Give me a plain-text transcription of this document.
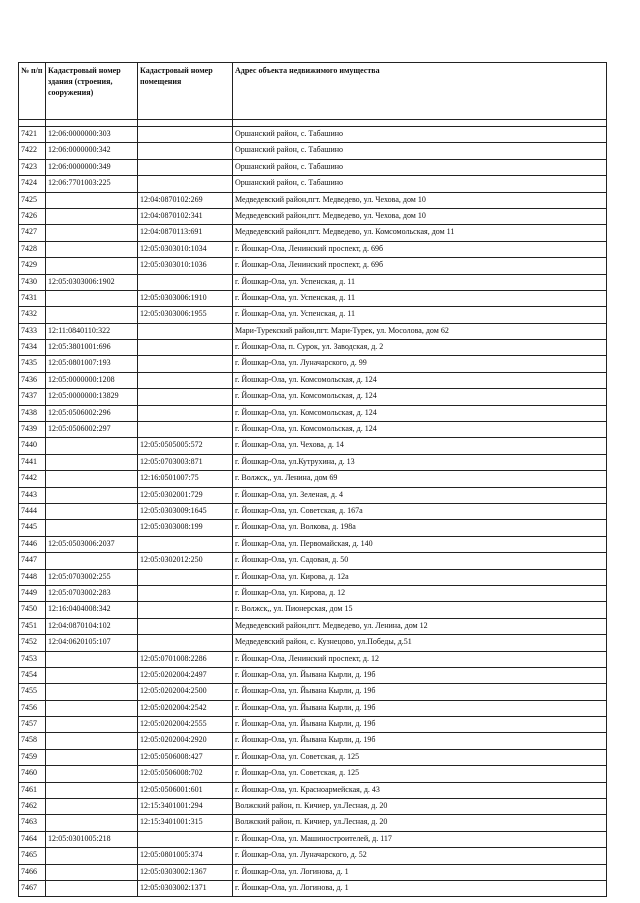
№ п/п	Кадастровый номер здания (строения, сооружения)	Кадастровый номер помещения	Адрес объекта недвижимого имущества

7421	12:06:0000000:303		Оршанский район, с. Табашино
7422	12:06:0000000:342		Оршанский район, с. Табашино
7423	12:06:0000000:349		Оршанский район, с. Табашино
7424	12:06:7701003:225		Оршанский район, с. Табашино
7425		12:04:0870102:269	Медведевский район,пгт. Медведево, ул. Чехова, дом 10
7426		12:04:0870102:341	Медведевский район,пгт. Медведево, ул. Чехова, дом 10
7427		12:04:0870113:691	Медведевский район,пгт. Медведево, ул. Комсомольская, дом 11
7428		12:05:0303010:1034	г. Йошкар-Ола, Ленинский проспект, д. 69б
7429		12:05:0303010:1036	г. Йошкар-Ола, Ленинский проспект, д. 69б
7430	12:05:0303006:1902		г. Йошкар-Ола, ул. Успенская, д. 11
7431		12:05:0303006:1910	г. Йошкар-Ола, ул. Успенская, д. 11
7432		12:05:0303006:1955	г. Йошкар-Ола, ул. Успенская, д. 11
7433	12:11:0840110:322		Мари-Турекский район,пгт. Мари-Турек, ул. Мосолова, дом 62
7434	12:05:3801001:696		г. Йошкар-Ола, п. Сурок, ул. Заводская, д. 2
7435	12:05:0801007:193		г. Йошкар-Ола, ул. Луначарского, д. 99
7436	12:05:0000000:1208		г. Йошкар-Ола, ул. Комсомольская, д. 124
7437	12:05:0000000:13829		г. Йошкар-Ола, ул. Комсомольская, д. 124
7438	12:05:0506002:296		г. Йошкар-Ола, ул. Комсомольская, д. 124
7439	12:05:0506002:297		г. Йошкар-Ола, ул. Комсомольская, д. 124
7440		12:05:0505005:572	г. Йошкар-Ола, ул. Чехова, д. 14
7441		12:05:0703003:871	г. Йошкар-Ола, ул.Кутрухина, д. 13
7442		12:16:0501007:75	г. Волжск,, ул. Ленина, дом 69
7443		12:05:0302001:729	г. Йошкар-Ола, ул. Зеленая, д. 4
7444		12:05:0303009:1645	г. Йошкар-Ола, ул. Советская, д. 167а
7445		12:05:0303008:199	г. Йошкар-Ола, ул. Волкова, д. 198а
7446	12:05:0503006:2037		г. Йошкар-Ола, ул. Первомайская, д. 140
7447		12:05:0302012:250	г. Йошкар-Ола, ул. Садовая, д. 50
7448	12:05:0703002:255		г. Йошкар-Ола, ул. Кирова, д. 12а
7449	12:05:0703002:283		г. Йошкар-Ола, ул. Кирова, д. 12
7450	12:16:0404008:342		г. Волжск,, ул. Пионерская, дом 15
7451	12:04:0870104:102		Медведевский район,пгт. Медведево, ул. Ленина, дом 12
7452	12:04:0620105:107		Медведевский район, с. Кузнецово, ул.Победы, д.51
7453		12:05:0701008:2286	г. Йошкар-Ола, Ленинский проспект, д. 12
7454		12:05:0202004:2497	г. Йошкар-Ола, ул. Йывана Кырли, д. 19б
7455		12:05:0202004:2500	г. Йошкар-Ола, ул. Йывана Кырли, д. 19б
7456		12:05:0202004:2542	г. Йошкар-Ола, ул. Йывана Кырли, д. 19б
7457		12:05:0202004:2555	г. Йошкар-Ола, ул. Йывана Кырли, д. 19б
7458		12:05:0202004:2920	г. Йошкар-Ола, ул. Йывана Кырли, д. 19б
7459		12:05:0506008:427	г. Йошкар-Ола, ул. Советская, д. 125
7460		12:05:0506008:702	г. Йошкар-Ола, ул. Советская, д. 125
7461		12:05:0506001:601	г. Йошкар-Ола, ул. Красноармейская, д. 43
7462		12:15:3401001:294	Волжский район, п. Кичиер, ул.Лесная, д. 20
7463		12:15:3401001:315	Волжский район, п. Кичиер, ул.Лесная, д. 20
7464	12:05:0301005:218		г. Йошкар-Ола, ул. Машиностроителей, д. 117
7465		12:05:0801005:374	г. Йошкар-Ола, ул. Луначарского, д. 52
7466		12:05:0303002:1367	г. Йошкар-Ола, ул. Логинова, д. 1
7467		12:05:0303002:1371	г. Йошкар-Ола, ул. Логинова, д. 1
